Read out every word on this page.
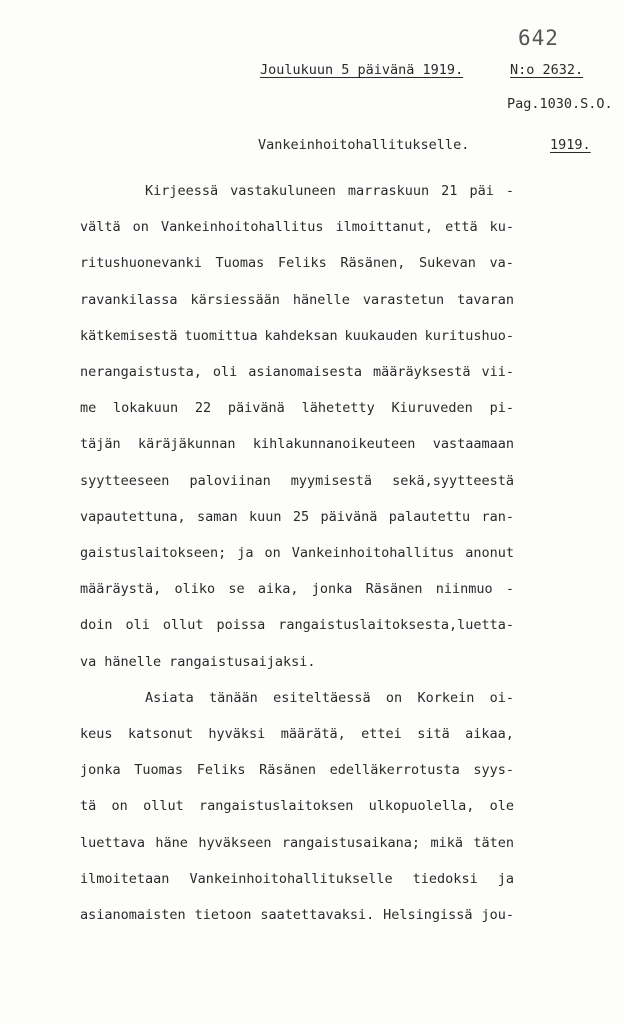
642
Joulukuun 5 päivänä 1919.	N:o 2632.
Pag.1030.S.O.
Vankeinhoitohallitukselle.	1919.
Kirjeessä vastakuluneen marraskuun 21 päi -
vältä on Vankeinhoitohallitus ilmoittanut, että ku-
ritushuonevanki Tuomas Feliks Räsänen, Sukevan va-
ravankilassa kärsiessään hänelle varastetun tavaran
kätkemisestä tuomittua kahdeksan kuukauden kuritushuo-
nerangaistusta, oli asianomaisesta määräyksestä vii-
me lokakuun 22 päivänä lähetetty Kiuruveden pi-
täjän käräjäkunnan kihlakunnanoikeuteen vastaamaan
syytteeseen paloviinan myymisestä sekä,syytteestä
vapautettuna, saman kuun 25 päivänä palautettu ran-
gaistuslaitokseen; ja on Vankeinhoitohallitus anonut
määräystä, oliko se aika, jonka Räsänen niinmuo -
doin oli ollut poissa rangaistuslaitoksesta,luetta-
va hänelle rangaistusaijaksi.
Asiata tänään esiteltäessä on Korkein oi-
keus katsonut hyväksi määrätä, ettei sitä aikaa,
jonka Tuomas Feliks Räsänen edelläkerrotusta syys-
tä on ollut rangaistuslaitoksen ulkopuolella, ole
luettava häne hyväkseen rangaistusaikana; mikä täten
ilmoitetaan Vankeinhoitohallitukselle tiedoksi ja
asianomaisten tietoon saatettavaksi. Helsingissä jou-
